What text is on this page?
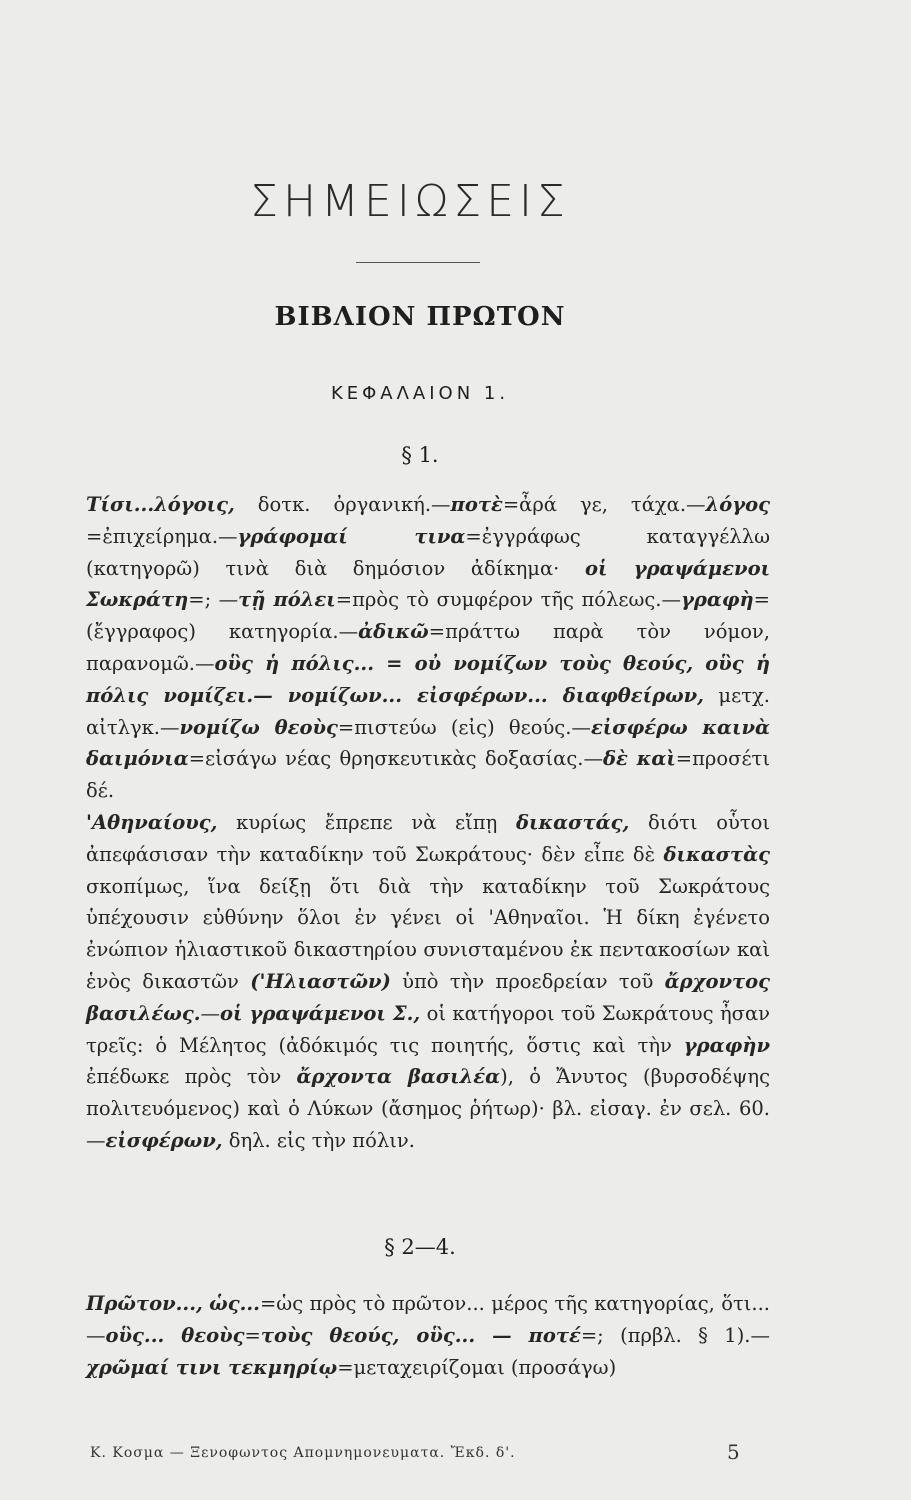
ΣΗΜΕΙΩΣΕΙΣ
ΒΙΒΛΙΟΝ ΠΡΩΤΟΝ
ΚΕΦΑΛΑΙΟΝ 1.
§ 1.
Τίσι...λόγοις, δοτκ. ὀργανική.—ποτὲ=ἆρά γε, τάχα.—λόγος =ἐπιχείρημα.—γράφομαί τινα=ἐγγράφως καταγγέλλω (κατηγορῶ) τινὰ διὰ δημόσιον ἀδίκημα· οἱ γραψάμενοι Σωκράτη=; —τῇ πόλει=πρὸς τὸ συμφέρον τῆς πόλεως.—γραφὴ=(ἔγγραφος) κατηγορία.—ἀδικῶ=πράττω παρὰ τὸν νόμον, παρανομῶ.—οὓς ἡ πόλις... = οὐ νομίζων τοὺς θεούς, οὓς ἡ πόλις νομίζει.— νομίζων... εἰσφέρων... διαφθείρων, μετχ. αἰτλγκ.—νομίζω θεοὺς=πιστεύω (εἰς) θεούς.—εἰσφέρω καινὰ δαιμόνια=εἰσάγω νέας θρησκευτικὰς δοξασίας.—δὲ καὶ=προσέτι δέ.
'Αθηναίους, κυρίως ἔπρεπε νὰ εἴπῃ δικαστάς, διότι οὗτοι ἀπεφάσισαν τὴν καταδίκην τοῦ Σωκράτους· δὲν εἶπε δὲ δικαστὰς σκοπίμως, ἵνα δείξῃ ὅτι διὰ τὴν καταδίκην τοῦ Σωκράτους ὑπέχουσιν εὐθύνην ὅλοι ἐν γένει οἱ 'Αθηναῖοι. Ἡ δίκη ἐγένετο ἐνώπιον ἡλιαστικοῦ δικαστηρίου συνισταμένου ἐκ πεντακοσίων καὶ ἑνὸς δικαστῶν ('Ηλιαστῶν) ὑπὸ τὴν προεδρείαν τοῦ ἄρχοντος βασιλέως.—οἱ γραψάμενοι Σ., οἱ κατήγοροι τοῦ Σωκράτους ἦσαν τρεῖς: ὁ Μέλητος (ἀδόκιμός τις ποιητής, ὅστις καὶ τὴν γραφὴν ἐπέδωκε πρὸς τὸν ἄρχοντα βασιλέα), ὁ Ἄνυτος (βυρσοδέψης πολιτευόμενος) καὶ ὁ Λύκων (ἄσημος ῥήτωρ)· βλ. εἰσαγ. ἐν σελ. 60. —εἰσφέρων, δηλ. εἰς τὴν πόλιν.
§ 2—4.
Πρῶτον..., ὡς...=ὡς πρὸς τὸ πρῶτον... μέρος τῆς κατηγορίας, ὅτι... —οὓς... θεοὺς=τοὺς θεούς, οὓς... — ποτέ=; (πρβλ. § 1).—χρῶμαί τινι τεκμηρίῳ=μεταχειρίζομαι (προσάγω)
Κ. Κοσμα — Ξενοφωντος Απομνημονευματα. Ἔκδ. δ'.	5
